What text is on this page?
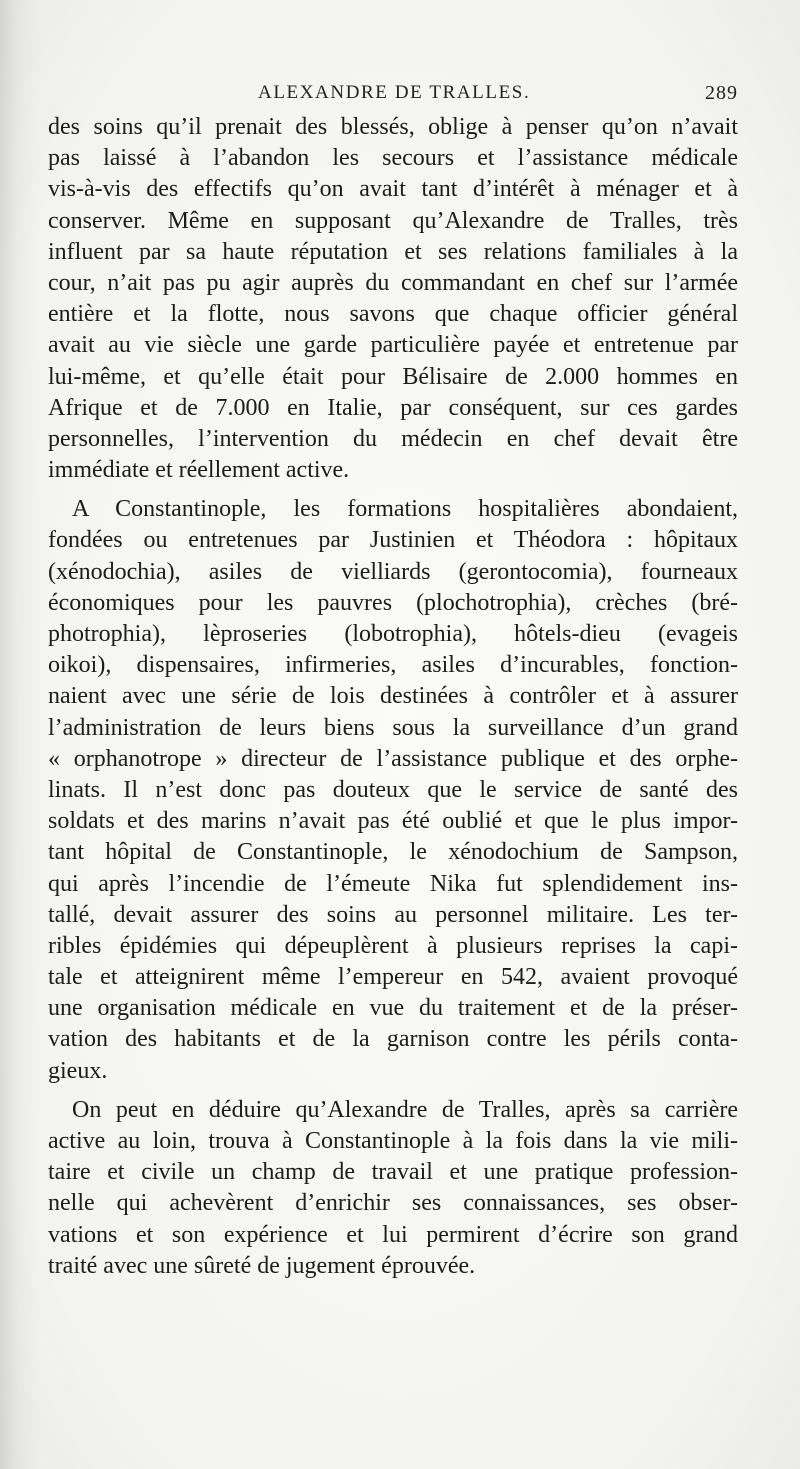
ALEXANDRE DE TRALLES.	289
des soins qu’il prenait des blessés, oblige à penser qu’on n’avait
pas laissé à l’abandon les secours et l’assistance médicale
vis-à-vis des effectifs qu’on avait tant d’intérêt à ménager et à
conserver. Même en supposant qu’Alexandre de Tralles, très
influent par sa haute réputation et ses relations familiales à la
cour, n’ait pas pu agir auprès du commandant en chef sur l’armée
entière et la flotte, nous savons que chaque officier général
avait au vie siècle une garde particulière payée et entretenue par
lui-même, et qu’elle était pour Bélisaire de 2.000 hommes en
Afrique et de 7.000 en Italie, par conséquent, sur ces gardes
personnelles, l’intervention du médecin en chef devait être
immédiate et réellement active.
A Constantinople, les formations hospitalières abondaient,
fondées ou entretenues par Justinien et Théodora : hôpitaux
(xénodochia), asiles de vielliards (gerontocomia), fourneaux
économiques pour les pauvres (plochotrophia), crèches (bré-
photrophia), lèproseries (lobotrophia), hôtels-dieu (evageis
oikoi), dispensaires, infirmeries, asiles d’incurables, fonction-
naient avec une série de lois destinées à contrôler et à assurer
l’administration de leurs biens sous la surveillance d’un grand
« orphanotrope » directeur de l’assistance publique et des orphe-
linats. Il n’est donc pas douteux que le service de santé des
soldats et des marins n’avait pas été oublié et que le plus impor-
tant hôpital de Constantinople, le xénodochium de Sampson,
qui après l’incendie de l’émeute Nika fut splendidement ins-
tallé, devait assurer des soins au personnel militaire. Les ter-
ribles épidémies qui dépeuplèrent à plusieurs reprises la capi-
tale et atteignirent même l’empereur en 542, avaient provoqué
une organisation médicale en vue du traitement et de la préser-
vation des habitants et de la garnison contre les périls conta-
gieux.
On peut en déduire qu’Alexandre de Tralles, après sa carrière
active au loin, trouva à Constantinople à la fois dans la vie mili-
taire et civile un champ de travail et une pratique profession-
nelle qui achevèrent d’enrichir ses connaissances, ses obser-
vations et son expérience et lui permirent d’écrire son grand
traité avec une sûreté de jugement éprouvée.
